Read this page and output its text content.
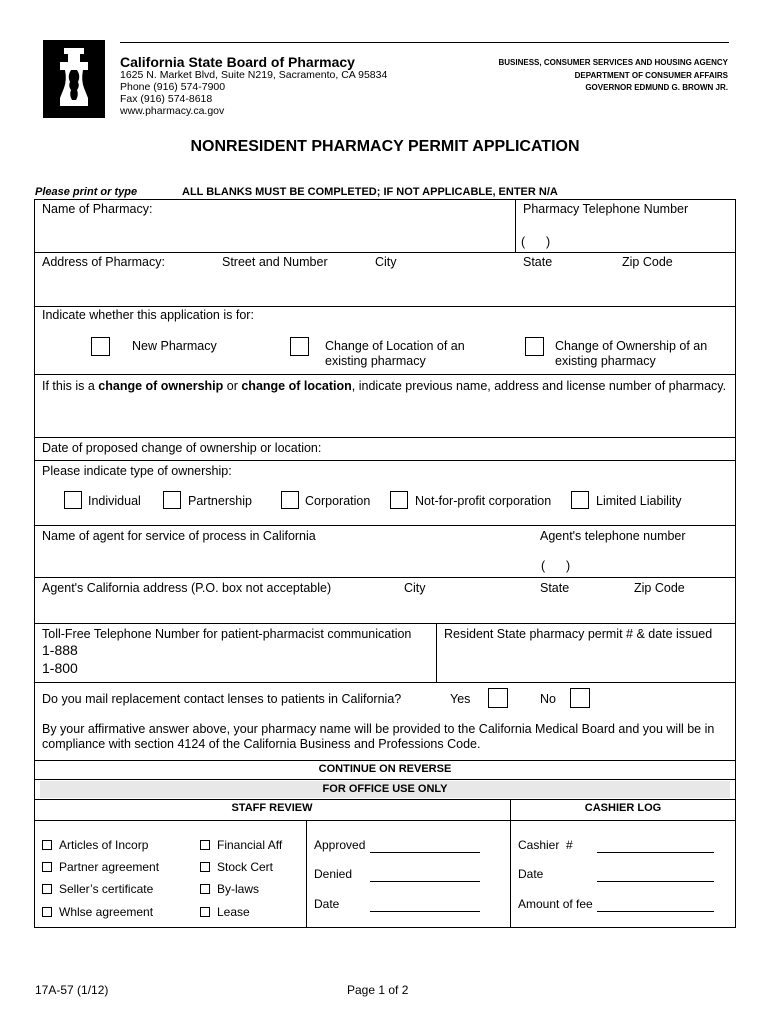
California State Board of Pharmacy
1625 N. Market Blvd, Suite N219, Sacramento, CA 95834
Phone (916) 574-7900
Fax (916) 574-8618
www.pharmacy.ca.gov
BUSINESS, CONSUMER SERVICES AND HOUSING AGENCY
DEPARTMENT OF CONSUMER AFFAIRS
GOVERNOR EDMUND G. BROWN JR.
NONRESIDENT PHARMACY PERMIT APPLICATION
Please print or type	ALL BLANKS MUST BE COMPLETED; IF NOT APPLICABLE, ENTER N/A
Name of Pharmacy:	Pharmacy Telephone Number
(      )
Address of Pharmacy:	Street and Number	City	State	Zip Code
Indicate whether this application is for:
New Pharmacy	Change of Location of an
existing pharmacy
Change of Ownership of an
existing pharmacy
If this is a change of ownership or change of location, indicate previous name, address and license number of pharmacy.
Date of proposed change of ownership or location:
Please indicate type of ownership:
Individual	Partnership	Corporation	Not-for-profit corporation	Limited Liability
Name of agent for service of process in California	Agent's telephone number
(      )
Agent's California address (P.O. box not acceptable)	City	State	Zip Code
Toll-Free Telephone Number for patient-pharmacist communication
1-888
1-800
Resident State pharmacy permit # & date issued
Do you mail replacement contact lenses to patients in California?	Yes	No
By your affirmative answer above, your pharmacy name will be provided to the California Medical Board and you will be in
compliance with section 4124 of the California Business and Professions Code.
CONTINUE ON REVERSE
FOR OFFICE USE ONLY
STAFF REVIEW	CASHIER LOG
Articles of Incorp
Partner agreement
Seller’s certificate
Whlse agreement
Financial Aff
Stock Cert
By-laws
Lease
Approved
Denied
Date
Cashier  #
Date
Amount of fee
17A-57 (1/12)	Page 1 of 2
